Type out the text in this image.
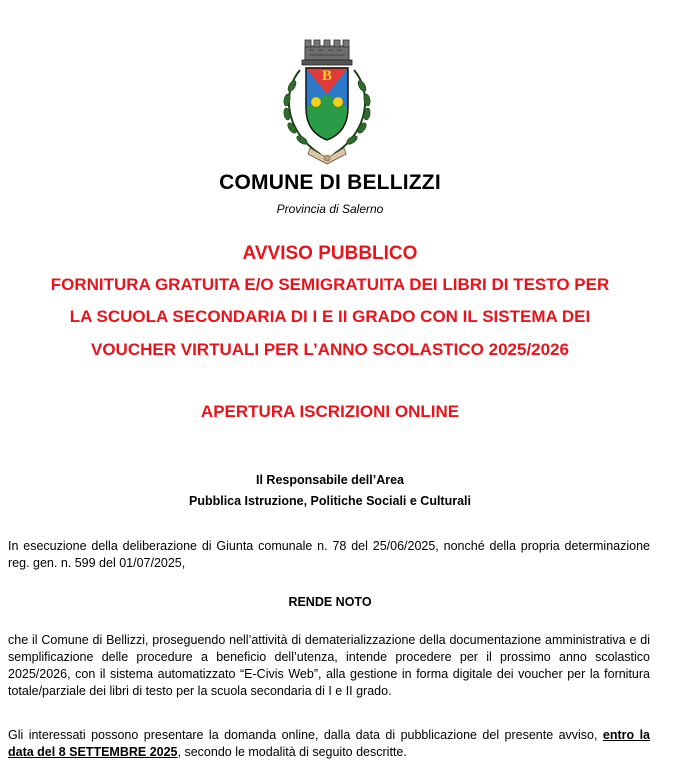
B
COMUNE DI BELLIZZI
Provincia di Salerno
AVVISO PUBBLICO
FORNITURA GRATUITA E/O SEMIGRATUITA DEI LIBRI DI TESTO PER
LA SCUOLA SECONDARIA DI I E II GRADO CON IL SISTEMA DEI
VOUCHER VIRTUALI PER L’ANNO SCOLASTICO 2025/2026
APERTURA ISCRIZIONI ONLINE
Il Responsabile dell’Area
Pubblica Istruzione, Politiche Sociali e Culturali
In esecuzione della deliberazione di Giunta comunale n. 78 del 25/06/2025, nonché della propria determinazione reg. gen. n. 599 del 01/07/2025,
RENDE NOTO
che il Comune di Bellizzi, proseguendo nell’attività di dematerializzazione della documentazione amministrativa e di semplificazione delle procedure a beneficio dell’utenza, intende procedere per il prossimo anno scolastico 2025/2026, con il sistema automatizzato “E-Civis Web”, alla gestione in forma digitale dei voucher per la fornitura totale/parziale dei libri di testo per la scuola secondaria di I e II grado.
Gli interessati possono presentare la domanda online, dalla data di pubblicazione del presente avviso, entro la data del 8 SETTEMBRE 2025, secondo le modalità di seguito descritte.
